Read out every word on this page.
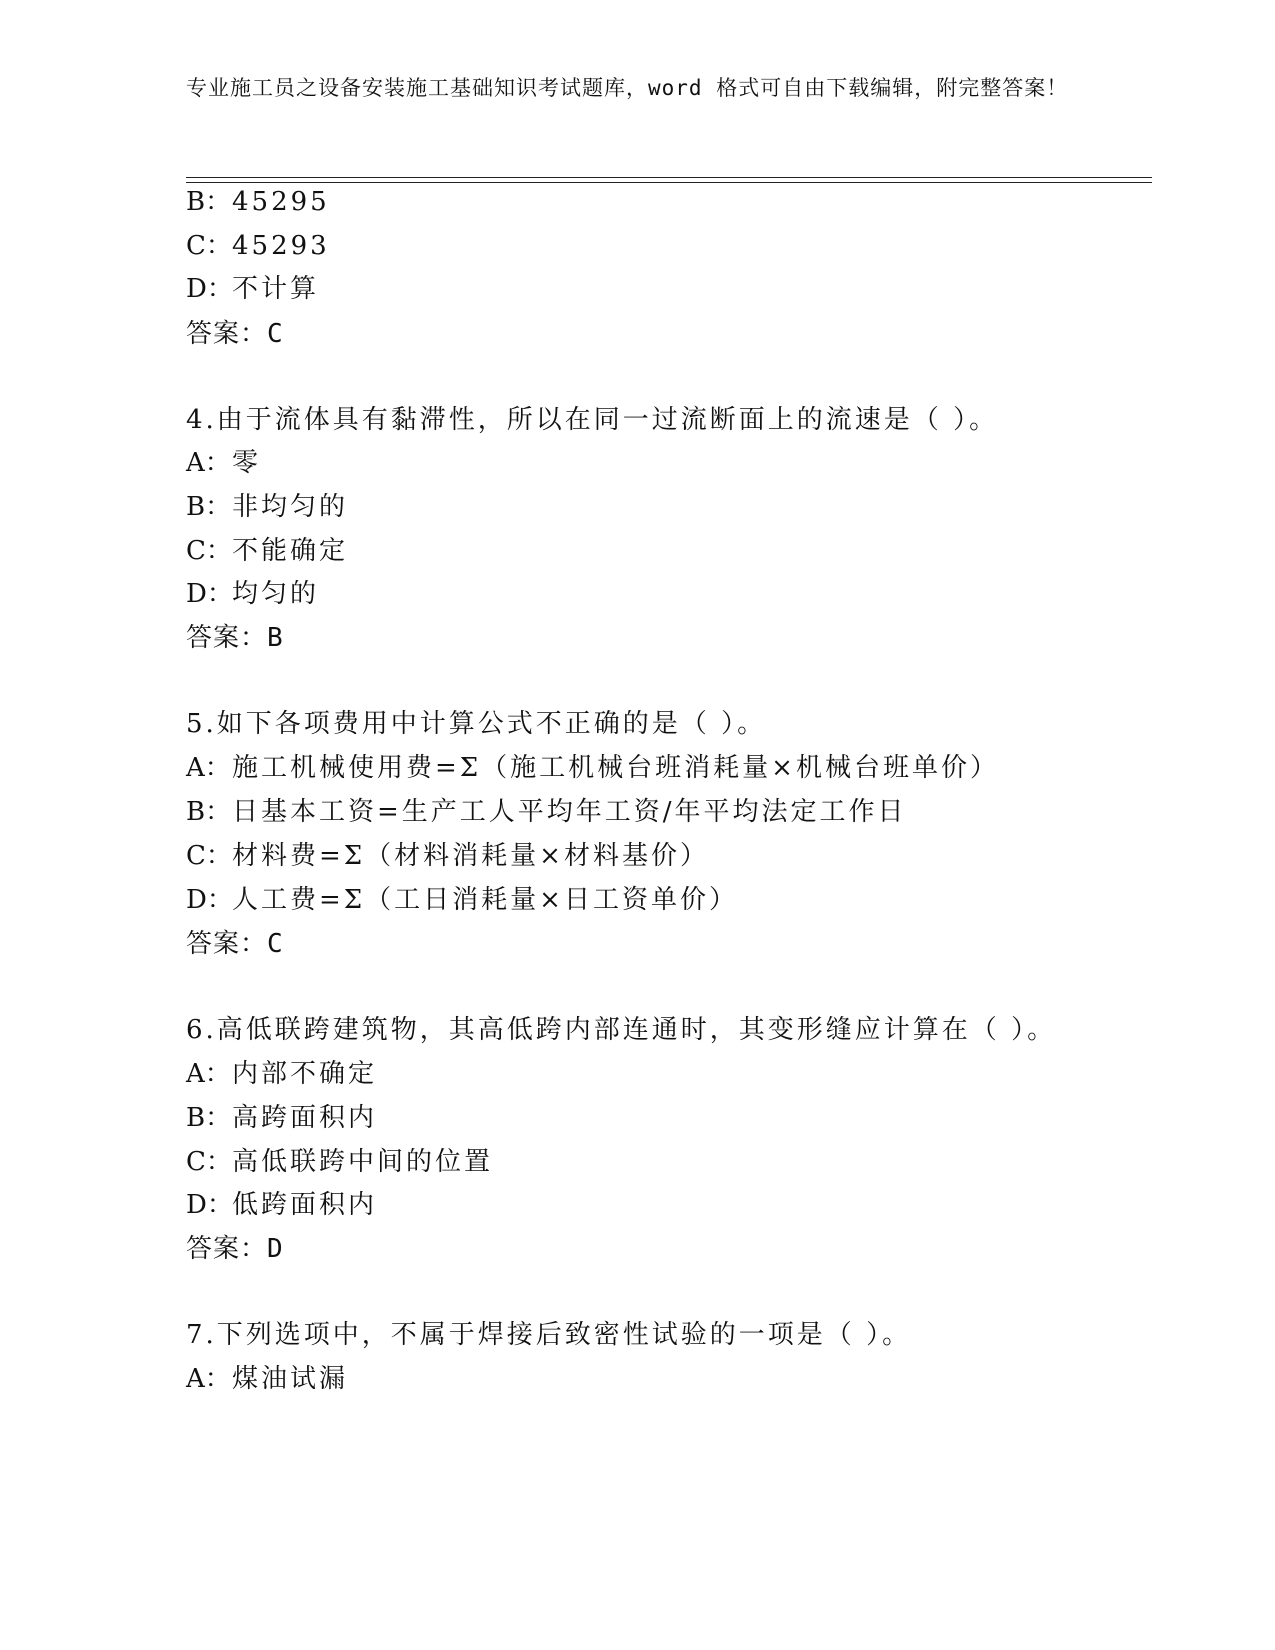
专业施工员之设备安装施工基础知识考试题库，word 格式可自由下载编辑，附完整答案！
B：45295
C：45293
D：不计算
答案：C
4.由于流体具有黏滞性，所以在同一过流断面上的流速是（ ）。
A：零
B：非均匀的
C：不能确定
D：均匀的
答案：B
5.如下各项费用中计算公式不正确的是（ ）。
A：施工机械使用费=Σ（施工机械台班消耗量×机械台班单价）
B：日基本工资=生产工人平均年工资/年平均法定工作日
C：材料费=Σ（材料消耗量×材料基价）
D：人工费=Σ（工日消耗量×日工资单价）
答案：C
6.高低联跨建筑物，其高低跨内部连通时，其变形缝应计算在（ ）。
A：内部不确定
B：高跨面积内
C：高低联跨中间的位置
D：低跨面积内
答案：D
7.下列选项中，不属于焊接后致密性试验的一项是（ ）。
A：煤油试漏
